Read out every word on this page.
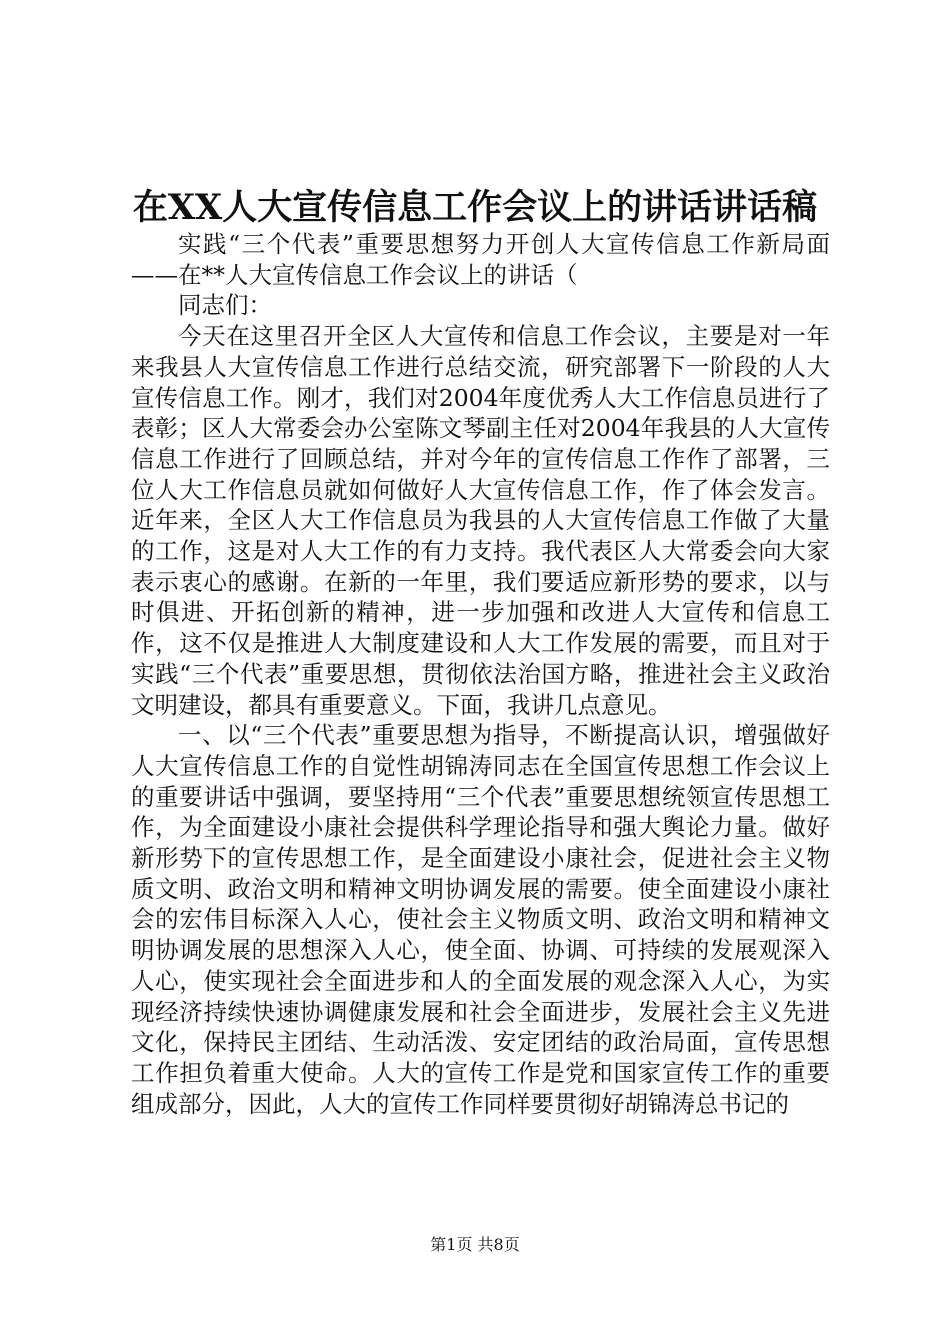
在XX人大宣传信息工作会议上的讲话讲话稿

实践“三个代表”重要思想努力开创人大宣传信息工作新局面——在**人大宣传信息工作会议上的讲话（

同志们：

今天在这里召开全区人大宣传和信息工作会议，主要是对一年来我县人大宣传信息工作进行总结交流，研究部署下一阶段的人大宣传信息工作。刚才，我们对2004年度优秀人大工作信息员进行了表彰；区人大常委会办公室陈文琴副主任对2004年我县的人大宣传信息工作进行了回顾总结，并对今年的宣传信息工作作了部署，三位人大工作信息员就如何做好人大宣传信息工作，作了体会发言。近年来，全区人大工作信息员为我县的人大宣传信息工作做了大量的工作，这是对人大工作的有力支持。我代表区人大常委会向大家表示衷心的感谢。在新的一年里，我们要适应新形势的要求，以与时俱进、开拓创新的精神，进一步加强和改进人大宣传和信息工作，这不仅是推进人大制度建设和人大工作发展的需要，而且对于实践“三个代表”重要思想，贯彻依法治国方略，推进社会主义政治文明建设，都具有重要意义。下面，我讲几点意见。

一、以“三个代表”重要思想为指导，不断提高认识，增强做好人大宣传信息工作的自觉性胡锦涛同志在全国宣传思想工作会议上的重要讲话中强调，要坚持用“三个代表”重要思想统领宣传思想工作，为全面建设小康社会提供科学理论指导和强大舆论力量。做好新形势下的宣传思想工作，是全面建设小康社会，促进社会主义物质文明、政治文明和精神文明协调发展的需要。使全面建设小康社会的宏伟目标深入人心，使社会主义物质文明、政治文明和精神文明协调发展的思想深入人心，使全面、协调、可持续的发展观深入人心，使实现社会全面进步和人的全面发展的观念深入人心，为实现经济持续快速协调健康发展和社会全面进步，发展社会主义先进文化，保持民主团结、生动活泼、安定团结的政治局面，宣传思想工作担负着重大使命。人大的宣传工作是党和国家宣传工作的重要组成部分，因此，人大的宣传工作同样要贯彻好胡锦涛总书记的

第1页 共8页
